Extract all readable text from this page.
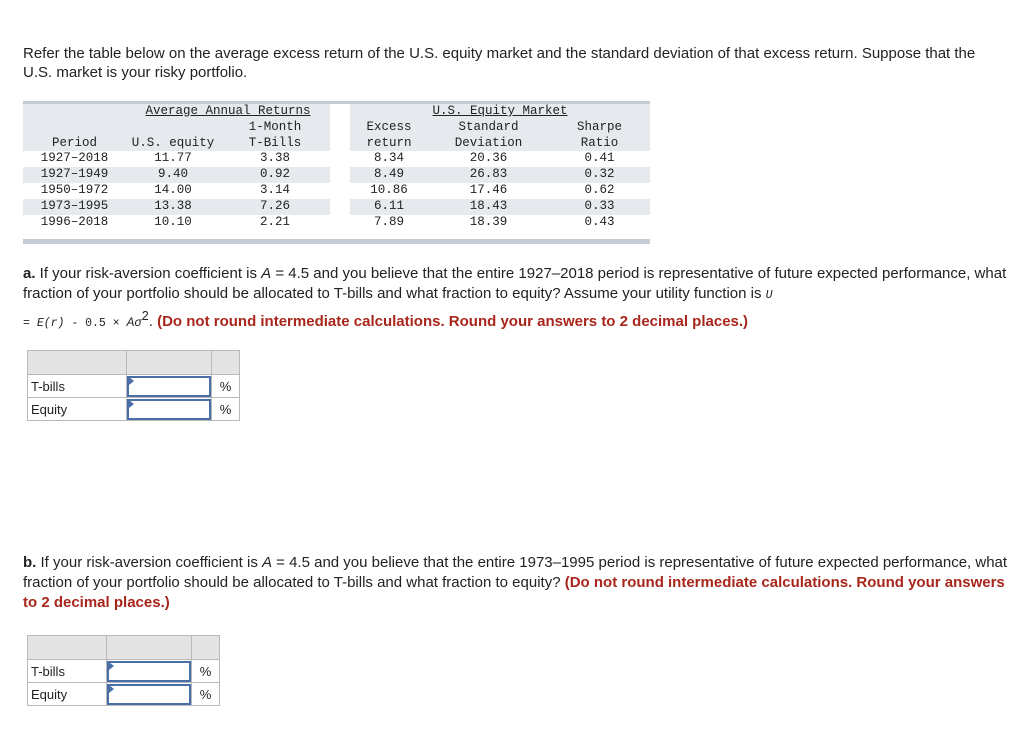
Refer the table below on the average excess return of the U.S. equity market and the standard deviation of that excess return. Suppose that the U.S. market is your risky portfolio.
	Average Annual Returns			U.S. Equity Market		
		1-Month		Excess	Standard	Sharpe
Period	U.S. equity	T-Bills		return	Deviation	Ratio
1927–2018	11.77	3.38		8.34	20.36	0.41
1927–1949	9.40	0.92		8.49	26.83	0.32
1950–1972	14.00	3.14		10.86	17.46	0.62
1973–1995	13.38	7.26		6.11	18.43	0.33
1996–2018	10.10	2.21		7.89	18.39	0.43
a. If your risk-aversion coefficient is A = 4.5 and you believe that the entire 1927–2018 period is representative of future expected performance, what fraction of your portfolio should be allocated to T-bills and what fraction to equity? Assume your utility function is U
= $E(r) - 0.5 \times A\sigma^2$. (Do not round intermediate calculations. Round your answers to 2 decimal places.)

T-bills		%
Equity		%
b. If your risk-aversion coefficient is A = 4.5 and you believe that the entire 1973–1995 period is representative of future expected performance, what fraction of your portfolio should be allocated to T-bills and what fraction to equity? (Do not round intermediate calculations. Round your answers to 2 decimal places.)

T-bills		%
Equity		%
